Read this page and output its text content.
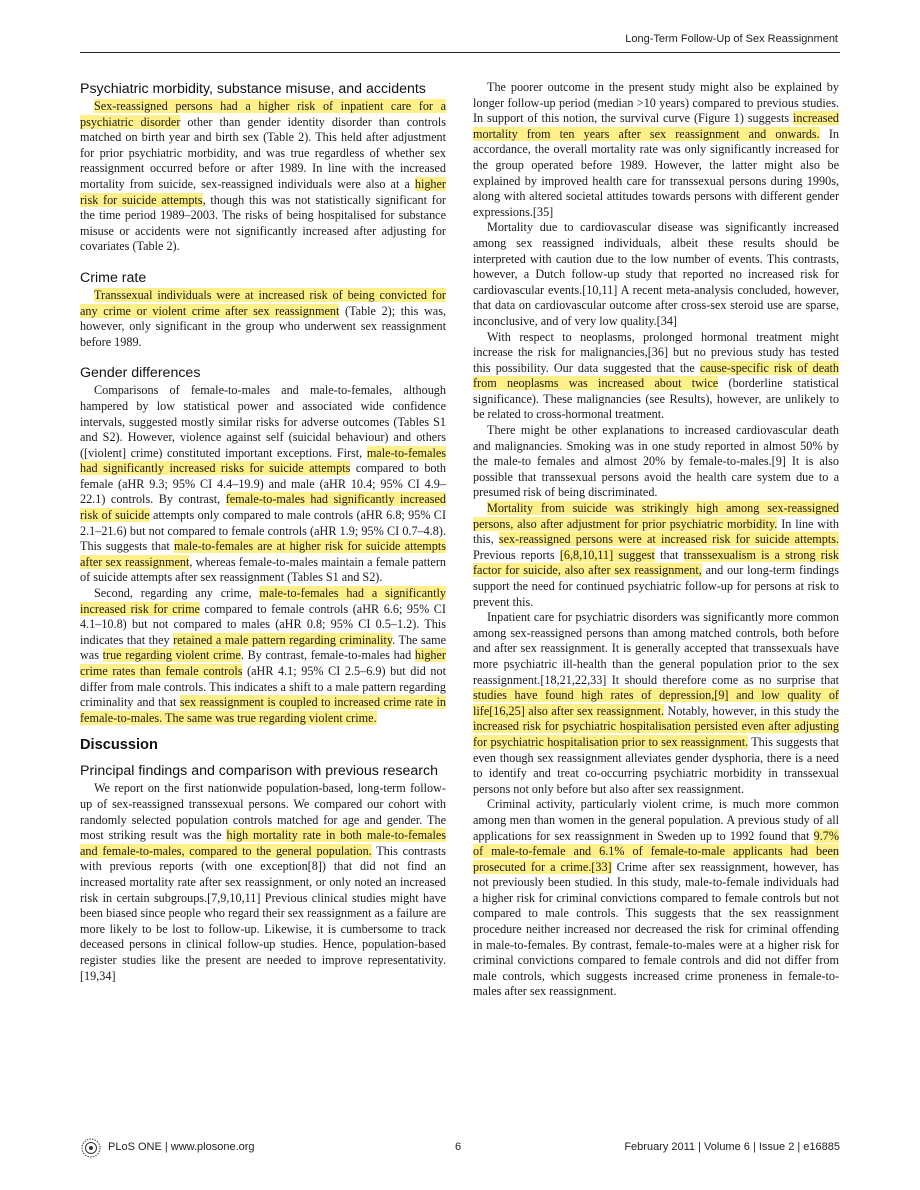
Long-Term Follow-Up of Sex Reassignment
Psychiatric morbidity, substance misuse, and accidents

Sex-reassigned persons had a higher risk of inpatient care for a psychiatric disorder other than gender identity disorder than controls matched on birth year and birth sex (Table 2). This held after adjustment for prior psychiatric morbidity, and was true regardless of whether sex reassignment occurred before or after 1989. In line with the increased mortality from suicide, sex-reassigned individuals were also at a higher risk for suicide attempts, though this was not statistically significant for the time period 1989–2003. The risks of being hospitalised for substance misuse or accidents were not significantly increased after adjusting for covariates (Table 2).

Crime rate

Transsexual individuals were at increased risk of being convicted for any crime or violent crime after sex reassignment (Table 2); this was, however, only significant in the group who underwent sex reassignment before 1989.

Gender differences

Comparisons of female-to-males and male-to-females, although hampered by low statistical power and associated wide confidence intervals, suggested mostly similar risks for adverse outcomes (Tables S1 and S2). However, violence against self (suicidal behaviour) and others ([violent] crime) constituted important exceptions. First, male-to-females had significantly increased risks for suicide attempts compared to both female (aHR 9.3; 95% CI 4.4–19.9) and male (aHR 10.4; 95% CI 4.9–22.1) controls. By contrast, female-to-males had significantly increased risk of suicide attempts only compared to male controls (aHR 6.8; 95% CI 2.1–21.6) but not compared to female controls (aHR 1.9; 95% CI 0.7–4.8). This suggests that male-to-females are at higher risk for suicide attempts after sex reassignment, whereas female-to-males maintain a female pattern of suicide attempts after sex reassignment (Tables S1 and S2).

Second, regarding any crime, male-to-females had a significantly increased risk for crime compared to female controls (aHR 6.6; 95% CI 4.1–10.8) but not compared to males (aHR 0.8; 95% CI 0.5–1.2). This indicates that they retained a male pattern regarding criminality. The same was true regarding violent crime. By contrast, female-to-males had higher crime rates than female controls (aHR 4.1; 95% CI 2.5–6.9) but did not differ from male controls. This indicates a shift to a male pattern regarding criminality and that sex reassignment is coupled to increased crime rate in female-to-males. The same was true regarding violent crime.

Discussion
Principal findings and comparison with previous research

We report on the first nationwide population-based, long-term follow-up of sex-reassigned transsexual persons. We compared our cohort with randomly selected population controls matched for age and gender. The most striking result was the high mortality rate in both male-to-females and female-to-males, compared to the general population. This contrasts with previous reports (with one exception[8]) that did not find an increased mortality rate after sex reassignment, or only noted an increased risk in certain subgroups.[7,9,10,11] Previous clinical studies might have been biased since people who regard their sex reassignment as a failure are more likely to be lost to follow-up. Likewise, it is cumbersome to track deceased persons in clinical follow-up studies. Hence, population-based register studies like the present are needed to improve representativity.[19,34]

The poorer outcome in the present study might also be explained by longer follow-up period (median >10 years) compared to previous studies. In support of this notion, the survival curve (Figure 1) suggests increased mortality from ten years after sex reassignment and onwards. In accordance, the overall mortality rate was only significantly increased for the group operated before 1989. However, the latter might also be explained by improved health care for transsexual persons during 1990s, along with altered societal attitudes towards persons with different gender expressions.[35]

Mortality due to cardiovascular disease was significantly increased among sex reassigned individuals, albeit these results should be interpreted with caution due to the low number of events. This contrasts, however, a Dutch follow-up study that reported no increased risk for cardiovascular events.[10,11] A recent meta-analysis concluded, however, that data on cardiovascular outcome after cross-sex steroid use are sparse, inconclusive, and of very low quality.[34]

With respect to neoplasms, prolonged hormonal treatment might increase the risk for malignancies,[36] but no previous study has tested this possibility. Our data suggested that the cause-specific risk of death from neoplasms was increased about twice (borderline statistical significance). These malignancies (see Results), however, are unlikely to be related to cross-hormonal treatment.

There might be other explanations to increased cardiovascular death and malignancies. Smoking was in one study reported in almost 50% by the male-to females and almost 20% by female-to-males.[9] It is also possible that transsexual persons avoid the health care system due to a presumed risk of being discriminated.

Mortality from suicide was strikingly high among sex-reassigned persons, also after adjustment for prior psychiatric morbidity. In line with this, sex-reassigned persons were at increased risk for suicide attempts. Previous reports [6,8,10,11] suggest that transsexualism is a strong risk factor for suicide, also after sex reassignment, and our long-term findings support the need for continued psychiatric follow-up for persons at risk to prevent this.

Inpatient care for psychiatric disorders was significantly more common among sex-reassigned persons than among matched controls, both before and after sex reassignment. It is generally accepted that transsexuals have more psychiatric ill-health than the general population prior to the sex reassignment.[18,21,22,33] It should therefore come as no surprise that studies have found high rates of depression,[9] and low quality of life[16,25] also after sex reassignment. Notably, however, in this study the increased risk for psychiatric hospitalisation persisted even after adjusting for psychiatric hospitalisation prior to sex reassignment. This suggests that even though sex reassignment alleviates gender dysphoria, there is a need to identify and treat co-occurring psychiatric morbidity in transsexual persons not only before but also after sex reassignment.

Criminal activity, particularly violent crime, is much more common among men than women in the general population. A previous study of all applications for sex reassignment in Sweden up to 1992 found that 9.7% of male-to-female and 6.1% of female-to-male applicants had been prosecuted for a crime.[33] Crime after sex reassignment, however, has not previously been studied. In this study, male-to-female individuals had a higher risk for criminal convictions compared to female controls but not compared to male controls. This suggests that the sex reassignment procedure neither increased nor decreased the risk for criminal offending in male-to-females. By contrast, female-to-males were at a higher risk for criminal convictions compared to female controls and did not differ from male controls, which suggests increased crime proneness in female-to-males after sex reassignment.

PLoS ONE | www.plosone.org	6	February 2011 | Volume 6 | Issue 2 | e16885
